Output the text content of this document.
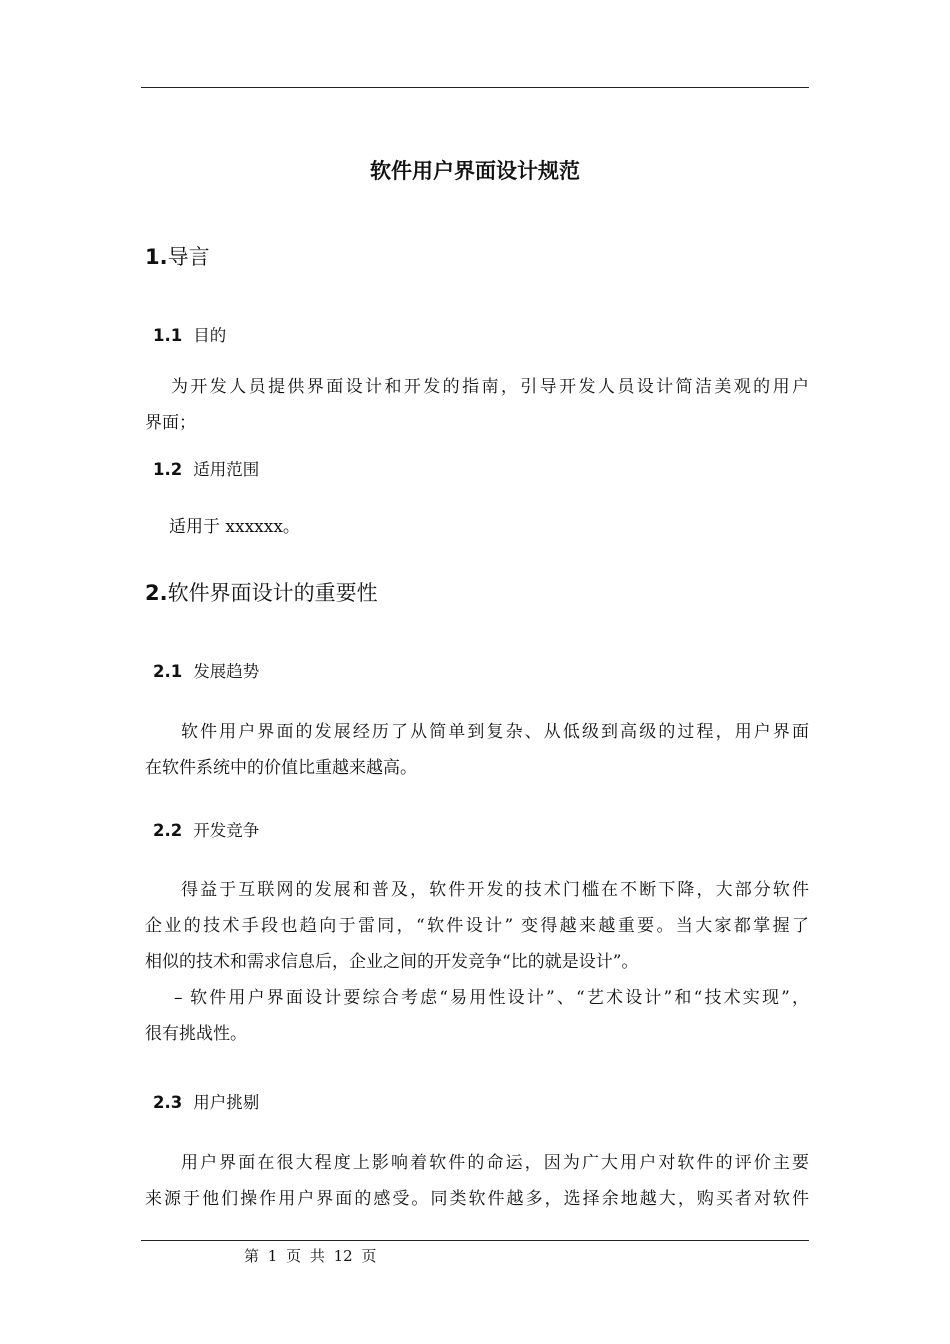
软件用户界面设计规范
1.导言
1.1 目的
为开发人员提供界面设计和开发的指南，引导开发人员设计简洁美观的用户
界面；
1.2 适用范围

适用于 xxxxxx。

2.软件界面设计的重要性
2.1 发展趋势
软件用户界面的发展经历了从简单到复杂、从低级到高级的过程，用户界面
在软件系统中的价值比重越来越高。
2.2 开发竞争
得益于互联网的发展和普及，软件开发的技术门槛在不断下降，大部分软件
企业的技术手段也趋向于雷同，“软件设计” 变得越来越重要。当大家都掌握了
相似的技术和需求信息后，企业之间的开发竞争“比的就是设计”。
– 软件用户界面设计要综合考虑“易用性设计”、“艺术设计”和“技术实现”，
很有挑战性。
2.3 用户挑剔
用户界面在很大程度上影响着软件的命运，因为广大用户对软件的评价主要
来源于他们操作用户界面的感受。同类软件越多，选择余地越大，购买者对软件

第 1 页 共 12 页
